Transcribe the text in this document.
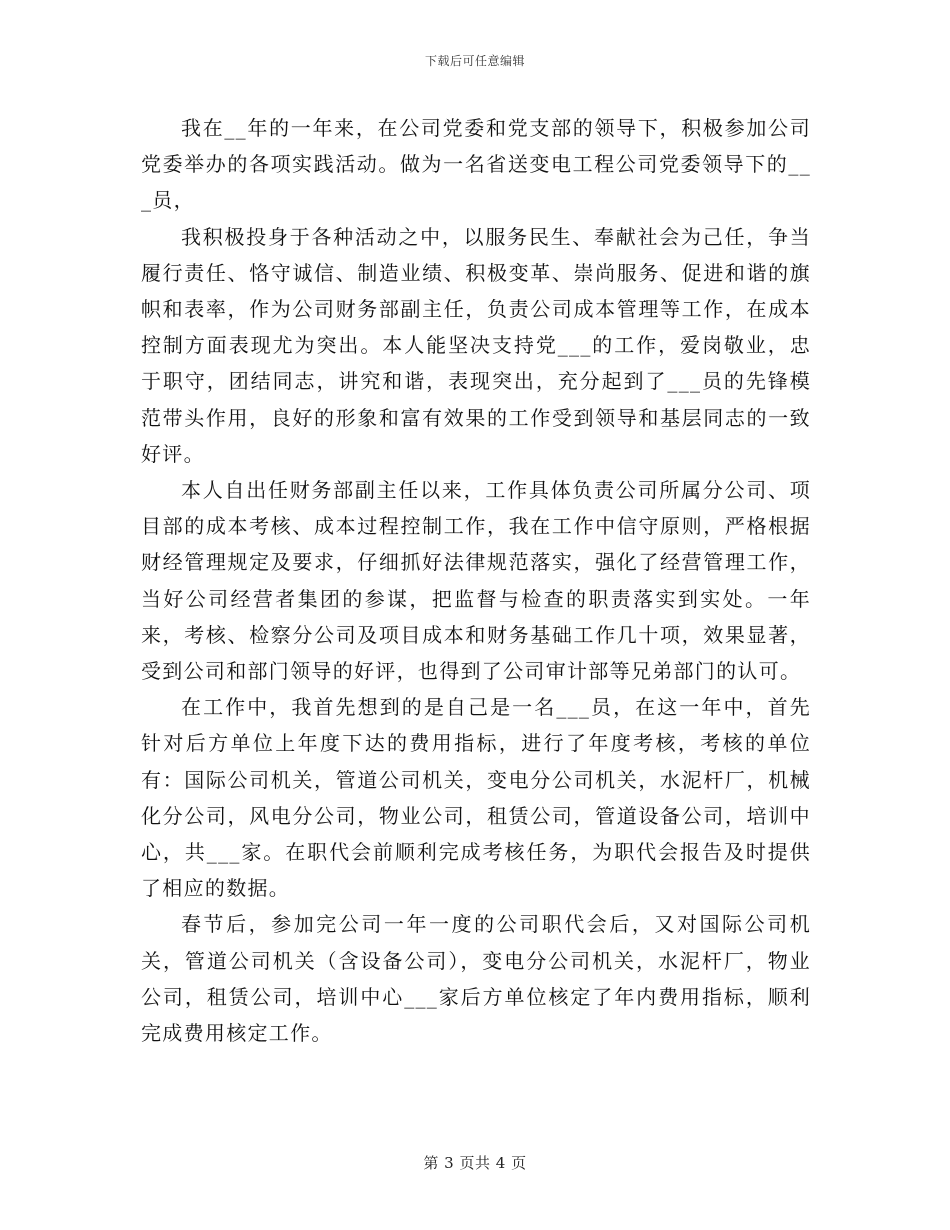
下载后可任意编辑

我在__年的一年来，在公司党委和党支部的领导下，积极参加公司党委举办的各项实践活动。做为一名省送变电工程公司党委领导下的___员，

我积极投身于各种活动之中，以服务民生、奉献社会为己任，争当履行责任、恪守诚信、制造业绩、积极变革、崇尚服务、促进和谐的旗帜和表率，作为公司财务部副主任，负责公司成本管理等工作，在成本控制方面表现尤为突出。本人能坚决支持党___的工作，爱岗敬业，忠于职守，团结同志，讲究和谐，表现突出，充分起到了___员的先锋模范带头作用，良好的形象和富有效果的工作受到领导和基层同志的一致好评。

本人自出任财务部副主任以来，工作具体负责公司所属分公司、项目部的成本考核、成本过程控制工作，我在工作中信守原则，严格根据财经管理规定及要求，仔细抓好法律规范落实，强化了经营管理工作，当好公司经营者集团的参谋，把监督与检查的职责落实到实处。一年来，考核、检察分公司及项目成本和财务基础工作几十项，效果显著，受到公司和部门领导的好评，也得到了公司审计部等兄弟部门的认可。

在工作中，我首先想到的是自己是一名___员，在这一年中，首先针对后方单位上年度下达的费用指标，进行了年度考核，考核的单位有：国际公司机关，管道公司机关，变电分公司机关，水泥杆厂，机械化分公司，风电分公司，物业公司，租赁公司，管道设备公司，培训中心，共___家。在职代会前顺利完成考核任务，为职代会报告及时提供了相应的数据。

春节后，参加完公司一年一度的公司职代会后，又对国际公司机关，管道公司机关（含设备公司），变电分公司机关，水泥杆厂，物业公司，租赁公司，培训中心___家后方单位核定了年内费用指标，顺利完成费用核定工作。

第 3 页共 4 页
